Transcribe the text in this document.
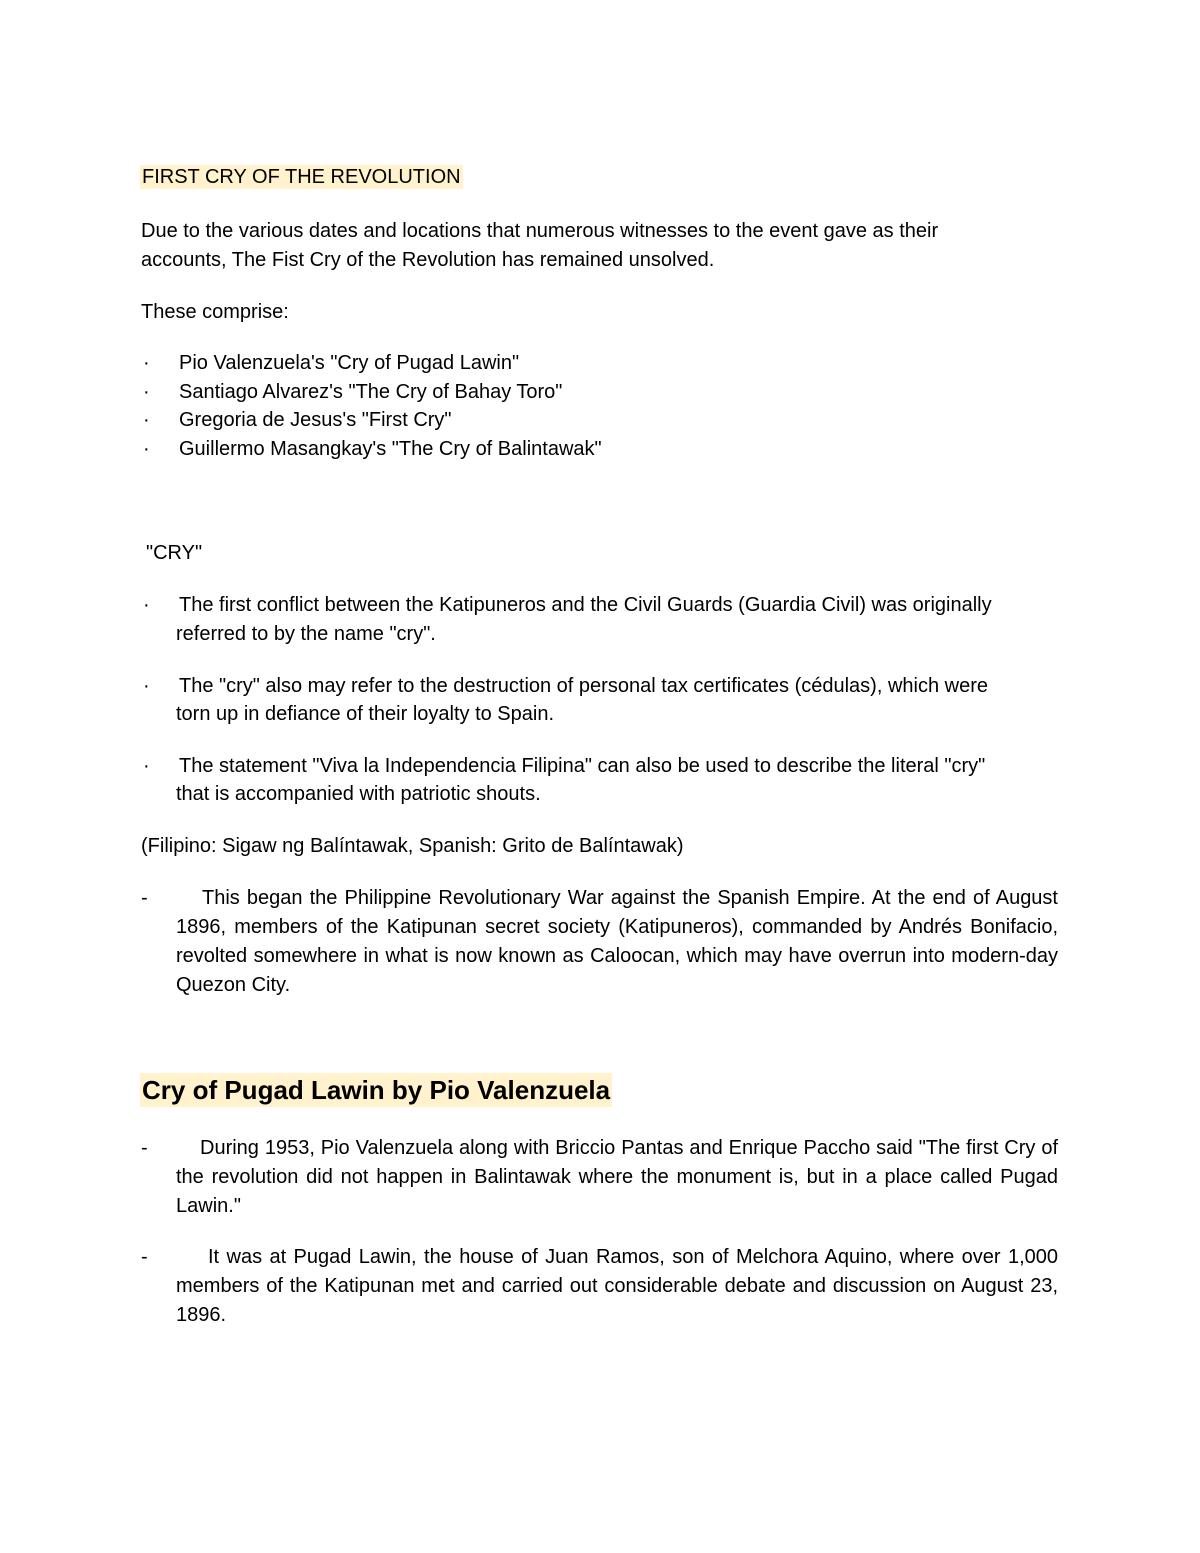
FIRST CRY OF THE REVOLUTION
Due to the various dates and locations that numerous witnesses to the event gave as their
accounts, The Fist Cry of the Revolution has remained unsolved.
These comprise:
· Pio Valenzuela's "Cry of Pugad Lawin"
· Santiago Alvarez's "The Cry of Bahay Toro"
· Gregoria de Jesus's "First Cry"
· Guillermo Masangkay's "The Cry of Balintawak"
"CRY"
· The first conflict between the Katipuneros and the Civil Guards (Guardia Civil) was originally
referred to by the name "cry".
· The "cry" also may refer to the destruction of personal tax certificates (cédulas), which were
torn up in defiance of their loyalty to Spain.
· The statement "Viva la Independencia Filipina" can also be used to describe the literal "cry"
that is accompanied with patriotic shouts.
(Filipino: Sigaw ng Balíntawak, Spanish: Grito de Balíntawak)
-	This began the Philippine Revolutionary War against the Spanish Empire. At the end of August 1896, members of the Katipunan secret society (Katipuneros), commanded by Andrés Bonifacio, revolted somewhere in what is now known as Caloocan, which may have overrun into modern-day Quezon City.
Cry of Pugad Lawin by Pio Valenzuela
-	During 1953, Pio Valenzuela along with Briccio Pantas and Enrique Paccho said "The first Cry of the revolution did not happen in Balintawak where the monument is, but in a place called Pugad Lawin."
-	It was at Pugad Lawin, the house of Juan Ramos, son of Melchora Aquino, where over 1,000 members of the Katipunan met and carried out considerable debate and discussion on August 23, 1896.
